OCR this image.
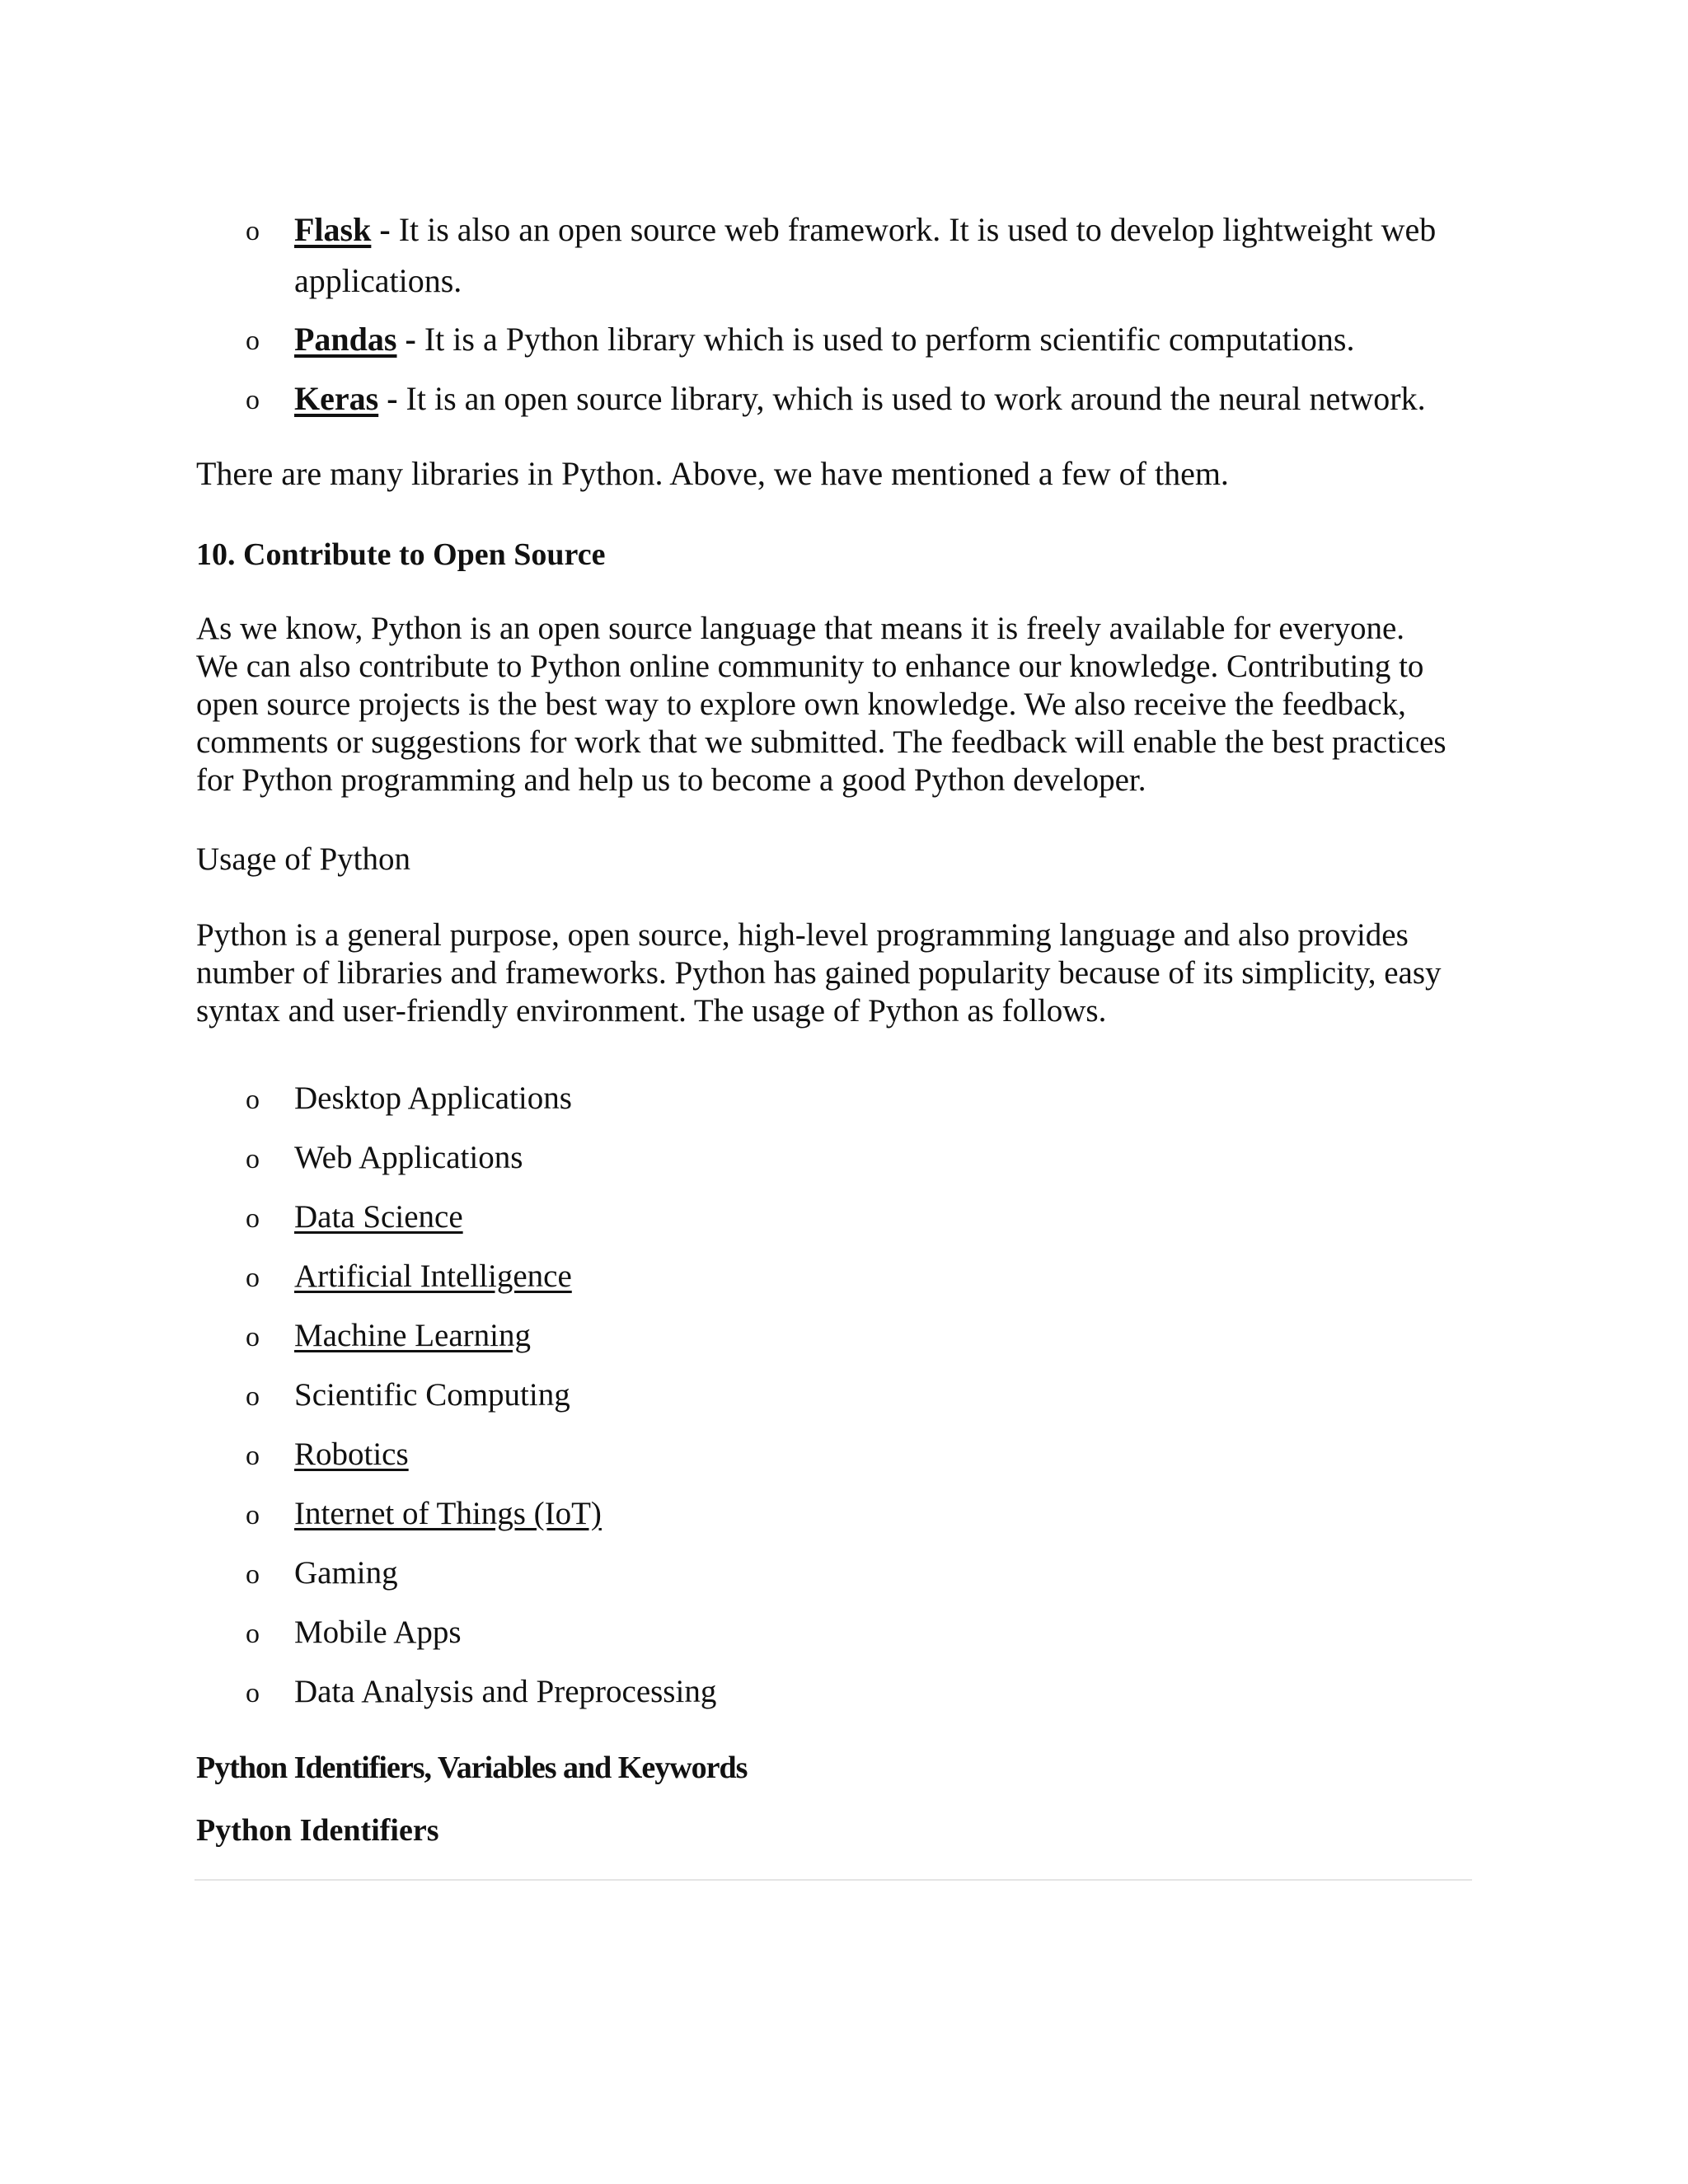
o Flask - It is also an open source web framework. It is used to develop lightweight web
applications.
o Pandas - It is a Python library which is used to perform scientific computations.
o Keras - It is an open source library, which is used to work around the neural network.
There are many libraries in Python. Above, we have mentioned a few of them.
10. Contribute to Open Source
As we know, Python is an open source language that means it is freely available for everyone.
We can also contribute to Python online community to enhance our knowledge. Contributing to
open source projects is the best way to explore own knowledge. We also receive the feedback,
comments or suggestions for work that we submitted. The feedback will enable the best practices
for Python programming and help us to become a good Python developer.
Usage of Python
Python is a general purpose, open source, high-level programming language and also provides
number of libraries and frameworks. Python has gained popularity because of its simplicity, easy
syntax and user-friendly environment. The usage of Python as follows.
o Desktop Applications
o Web Applications
o Data Science
o Artificial Intelligence
o Machine Learning
o Scientific Computing
o Robotics
o Internet of Things (IoT)
o Gaming
o Mobile Apps
o Data Analysis and Preprocessing
Python Identifiers, Variables and Keywords
Python Identifiers
